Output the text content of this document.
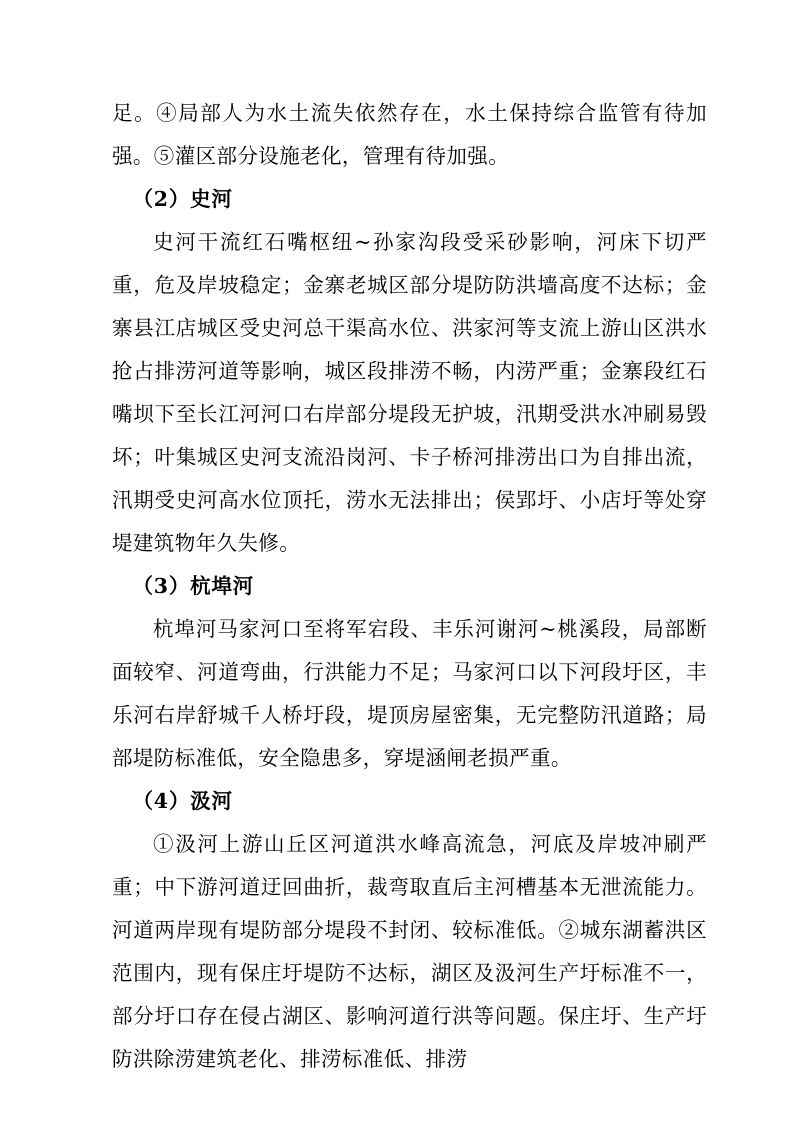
足。④局部人为水土流失依然存在，水土保持综合监管有待加强。⑤灌区部分设施老化，管理有待加强。

（2）史河

史河干流红石嘴枢纽~孙家沟段受采砂影响，河床下切严重，危及岸坡稳定；金寨老城区部分堤防防洪墙高度不达标；金寨县江店城区受史河总干渠高水位、洪家河等支流上游山区洪水抢占排涝河道等影响，城区段排涝不畅，内涝严重；金寨段红石嘴坝下至长江河河口右岸部分堤段无护坡，汛期受洪水冲刷易毁坏；叶集城区史河支流沿岗河、卡子桥河排涝出口为自排出流，汛期受史河高水位顶托，涝水无法排出；侯郢圩、小店圩等处穿堤建筑物年久失修。

（3）杭埠河

杭埠河马家河口至将军宕段、丰乐河谢河~桃溪段，局部断面较窄、河道弯曲，行洪能力不足；马家河口以下河段圩区，丰乐河右岸舒城千人桥圩段，堤顶房屋密集，无完整防汛道路；局部堤防标准低，安全隐患多，穿堤涵闸老损严重。

（4）汲河

①汲河上游山丘区河道洪水峰高流急，河底及岸坡冲刷严重；中下游河道迂回曲折，裁弯取直后主河槽基本无泄流能力。河道两岸现有堤防部分堤段不封闭、较标准低。②城东湖蓄洪区范围内，现有保庄圩堤防不达标，湖区及汲河生产圩标准不一，部分圩口存在侵占湖区、影响河道行洪等问题。保庄圩、生产圩防洪除涝建筑老化、排涝标准低、排涝
